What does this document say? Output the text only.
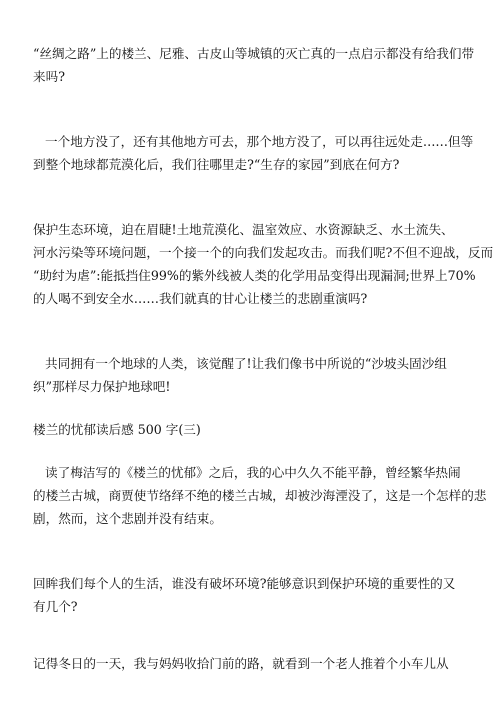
“丝绸之路”上的楼兰、尼雅、古皮山等城镇的灭亡真的一点启示都没有给我们带
来吗?

一个地方没了，还有其他地方可去，那个地方没了，可以再往远处走……但等
到整个地球都荒漠化后，我们往哪里走?“生存的家园”到底在何方?

保护生态环境，迫在眉睫!土地荒漠化、温室效应、水资源缺乏、水土流失、
河水污染等环境问题，一个接一个的向我们发起攻击。而我们呢?不但不迎战，反而
“助纣为虐”:能抵挡住99%的紫外线被人类的化学用品变得出现漏洞;世界上70%
的人喝不到安全水……我们就真的甘心让楼兰的悲剧重演吗?

共同拥有一个地球的人类，该觉醒了!让我们像书中所说的“沙坡头固沙组
织”那样尽力保护地球吧!

楼兰的忧郁读后感 500 字(三)

读了梅洁写的《楼兰的忧郁》之后，我的心中久久不能平静，曾经繁华热闹
的楼兰古城，商贾使节络绎不绝的楼兰古城，却被沙海湮没了，这是一个怎样的悲
剧，然而，这个悲剧并没有结束。

回眸我们每个人的生活，谁没有破坏环境?能够意识到保护环境的重要性的又
有几个?

记得冬日的一天，我与妈妈收拾门前的路，就看到一个老人推着个小车儿从
